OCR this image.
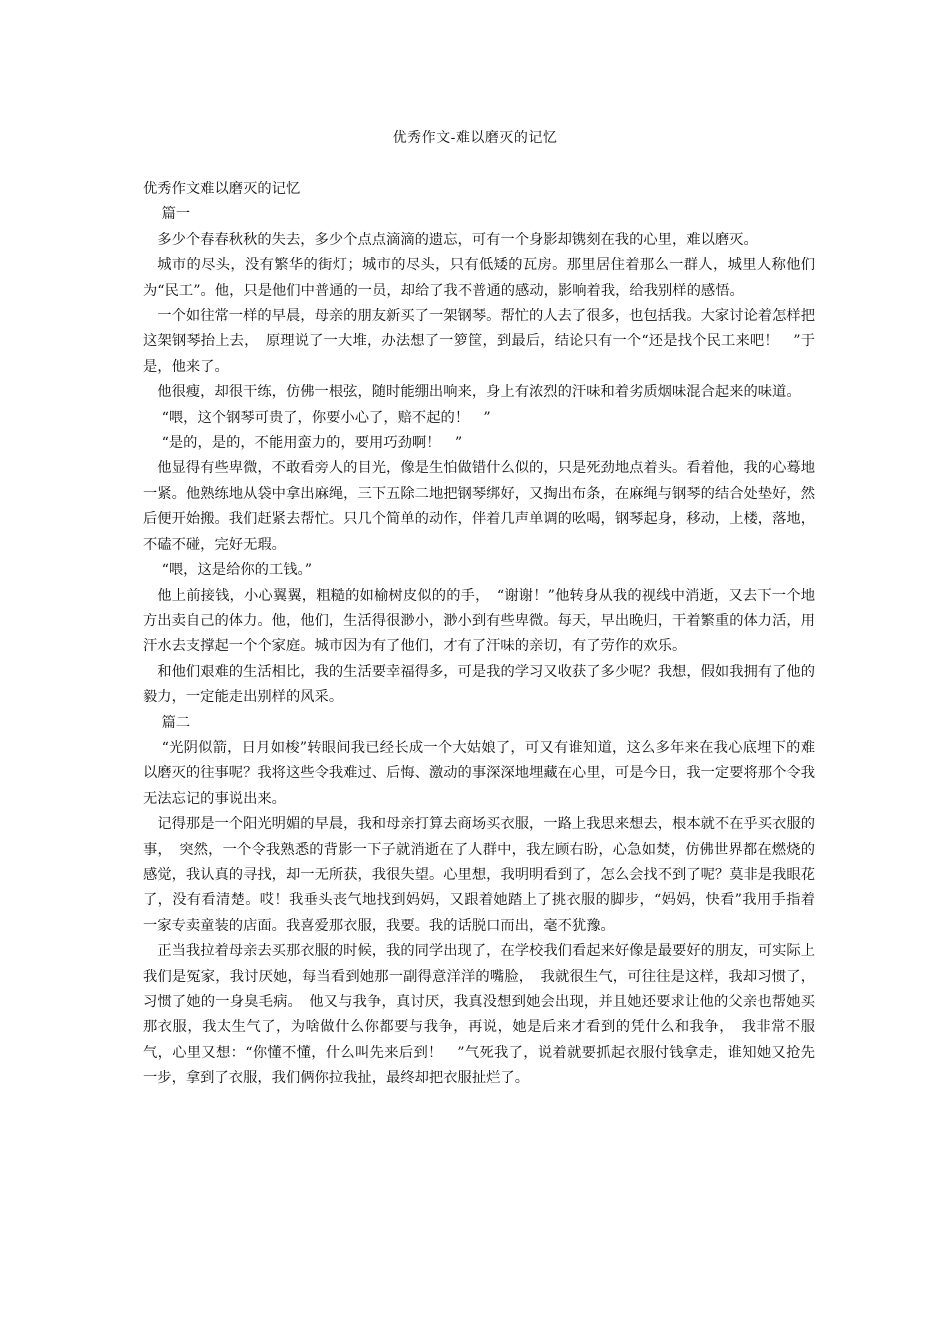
优秀作文-难以磨灭的记忆

优秀作文难以磨灭的记忆

篇一

多少个春春秋秋的失去，多少个点点滴滴的遗忘，可有一个身影却镌刻在我的心里，难以磨灭。

城市的尽头，没有繁华的街灯；城市的尽头，只有低矮的瓦房。那里居住着那么一群人，城里人称他们为“民工”。他，只是他们中普通的一员，却给了我不普通的感动，影响着我，给我别样的感悟。

一个如往常一样的早晨，母亲的朋友新买了一架钢琴。帮忙的人去了很多，也包括我。大家讨论着怎样把这架钢琴抬上去，　原理说了一大堆，办法想了一箩筐，到最后，结论只有一个“还是找个民工来吧！　”于是，他来了。

他很瘦，却很干练，仿佛一根弦，随时能绷出响来，身上有浓烈的汗味和着劣质烟味混合起来的味道。

“喂，这个钢琴可贵了，你要小心了，赔不起的！　”

“是的，是的，不能用蛮力的，要用巧劲啊！　”

他显得有些卑微，不敢看旁人的目光，像是生怕做错什么似的，只是死劲地点着头。看着他，我的心蓦地一紧。他熟练地从袋中拿出麻绳，三下五除二地把钢琴绑好，又掏出布条，在麻绳与钢琴的结合处垫好，然后便开始搬。我们赶紧去帮忙。只几个简单的动作，伴着几声单调的吆喝，钢琴起身，移动，上楼，落地，不磕不碰，完好无瑕。

“喂，这是给你的工钱。”

他上前接钱，小心翼翼，粗糙的如榆树皮似的的手，　“谢谢！”他转身从我的视线中消逝，又去下一个地方出卖自己的体力。他，他们，生活得很渺小，渺小到有些卑微。每天，早出晚归，干着繁重的体力活，用汗水去支撑起一个个家庭。城市因为有了他们，才有了汗味的亲切，有了劳作的欢乐。

和他们艰难的生活相比，我的生活要幸福得多，可是我的学习又收获了多少呢？我想，假如我拥有了他的毅力，一定能走出别样的风采。

篇二

“光阴似箭，日月如梭”转眼间我已经长成一个大姑娘了，可又有谁知道，这么多年来在我心底埋下的难以磨灭的往事呢？我将这些令我难过、后悔、激动的事深深地埋藏在心里，可是今日，我一定要将那个令我无法忘记的事说出来。

记得那是一个阳光明媚的早晨，我和母亲打算去商场买衣服，一路上我思来想去，根本就不在乎买衣服的事，　突然，一个令我熟悉的背影一下子就消逝在了人群中，我左顾右盼，心急如焚，仿佛世界都在燃烧的感觉，我认真的寻找，却一无所获，我很失望。心里想，我明明看到了，怎么会找不到了呢？莫非是我眼花了，没有看清楚。哎！我垂头丧气地找到妈妈，又跟着她踏上了挑衣服的脚步，“妈妈，快看”我用手指着一家专卖童装的店面。我喜爱那衣服，我要。我的话脱口而出，毫不犹豫。

正当我拉着母亲去买那衣服的时候，我的同学出现了，在学校我们看起来好像是最要好的朋友，可实际上我们是冤家，我讨厌她，每当看到她那一副得意洋洋的嘴脸，　我就很生气，可往往是这样，我却习惯了，习惯了她的一身臭毛病。　他又与我争，真讨厌，我真没想到她会出现，并且她还要求让他的父亲也帮她买那衣服，我太生气了，为啥做什么你都要与我争，再说，她是后来才看到的凭什么和我争，　我非常不服气，心里又想：“你懂不懂，什么叫先来后到！　”气死我了，说着就要抓起衣服付钱拿走，谁知她又抢先一步，拿到了衣服，我们俩你拉我扯，最终却把衣服扯烂了。
